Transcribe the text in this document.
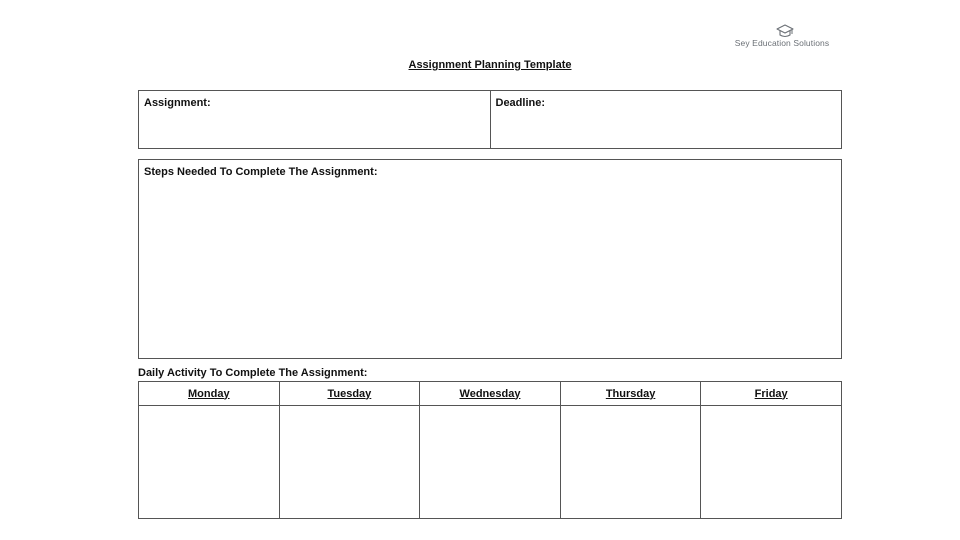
Sey Education Solutions
Assignment Planning Template
Assignment:	Deadline:
Steps Needed To Complete The Assignment:
Daily Activity To Complete The Assignment:
Monday	Tuesday	Wednesday	Thursday	Friday
